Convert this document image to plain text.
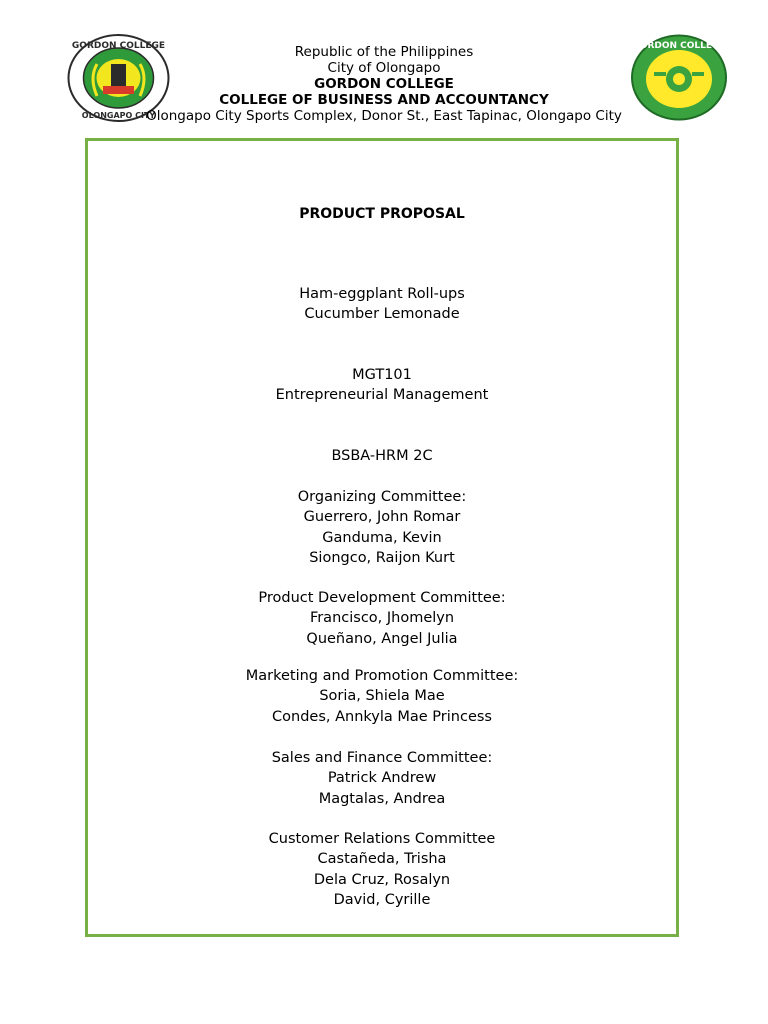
GORDON COLLEGE
OLONGAPO CITY
GORDON COLLEGE
Republic of the Philippines
City of Olongapo
GORDON COLLEGE
COLLEGE OF BUSINESS AND ACCOUNTANCY
Olongapo City Sports Complex, Donor St., East Tapinac, Olongapo City
PRODUCT PROPOSAL
Ham-eggplant Roll-ups
Cucumber Lemonade
MGT101
Entrepreneurial Management
BSBA-HRM 2C
Organizing Committee:
Guerrero, John Romar
Ganduma, Kevin
Siongco, Raijon Kurt
Product Development Committee:
Francisco, Jhomelyn
Queñano, Angel Julia
Marketing and Promotion Committee:
Soria, Shiela Mae
Condes, Annkyla Mae Princess
Sales and Finance Committee:
Patrick Andrew
Magtalas, Andrea
Customer Relations Committee
Castañeda, Trisha
Dela Cruz, Rosalyn
David, Cyrille
